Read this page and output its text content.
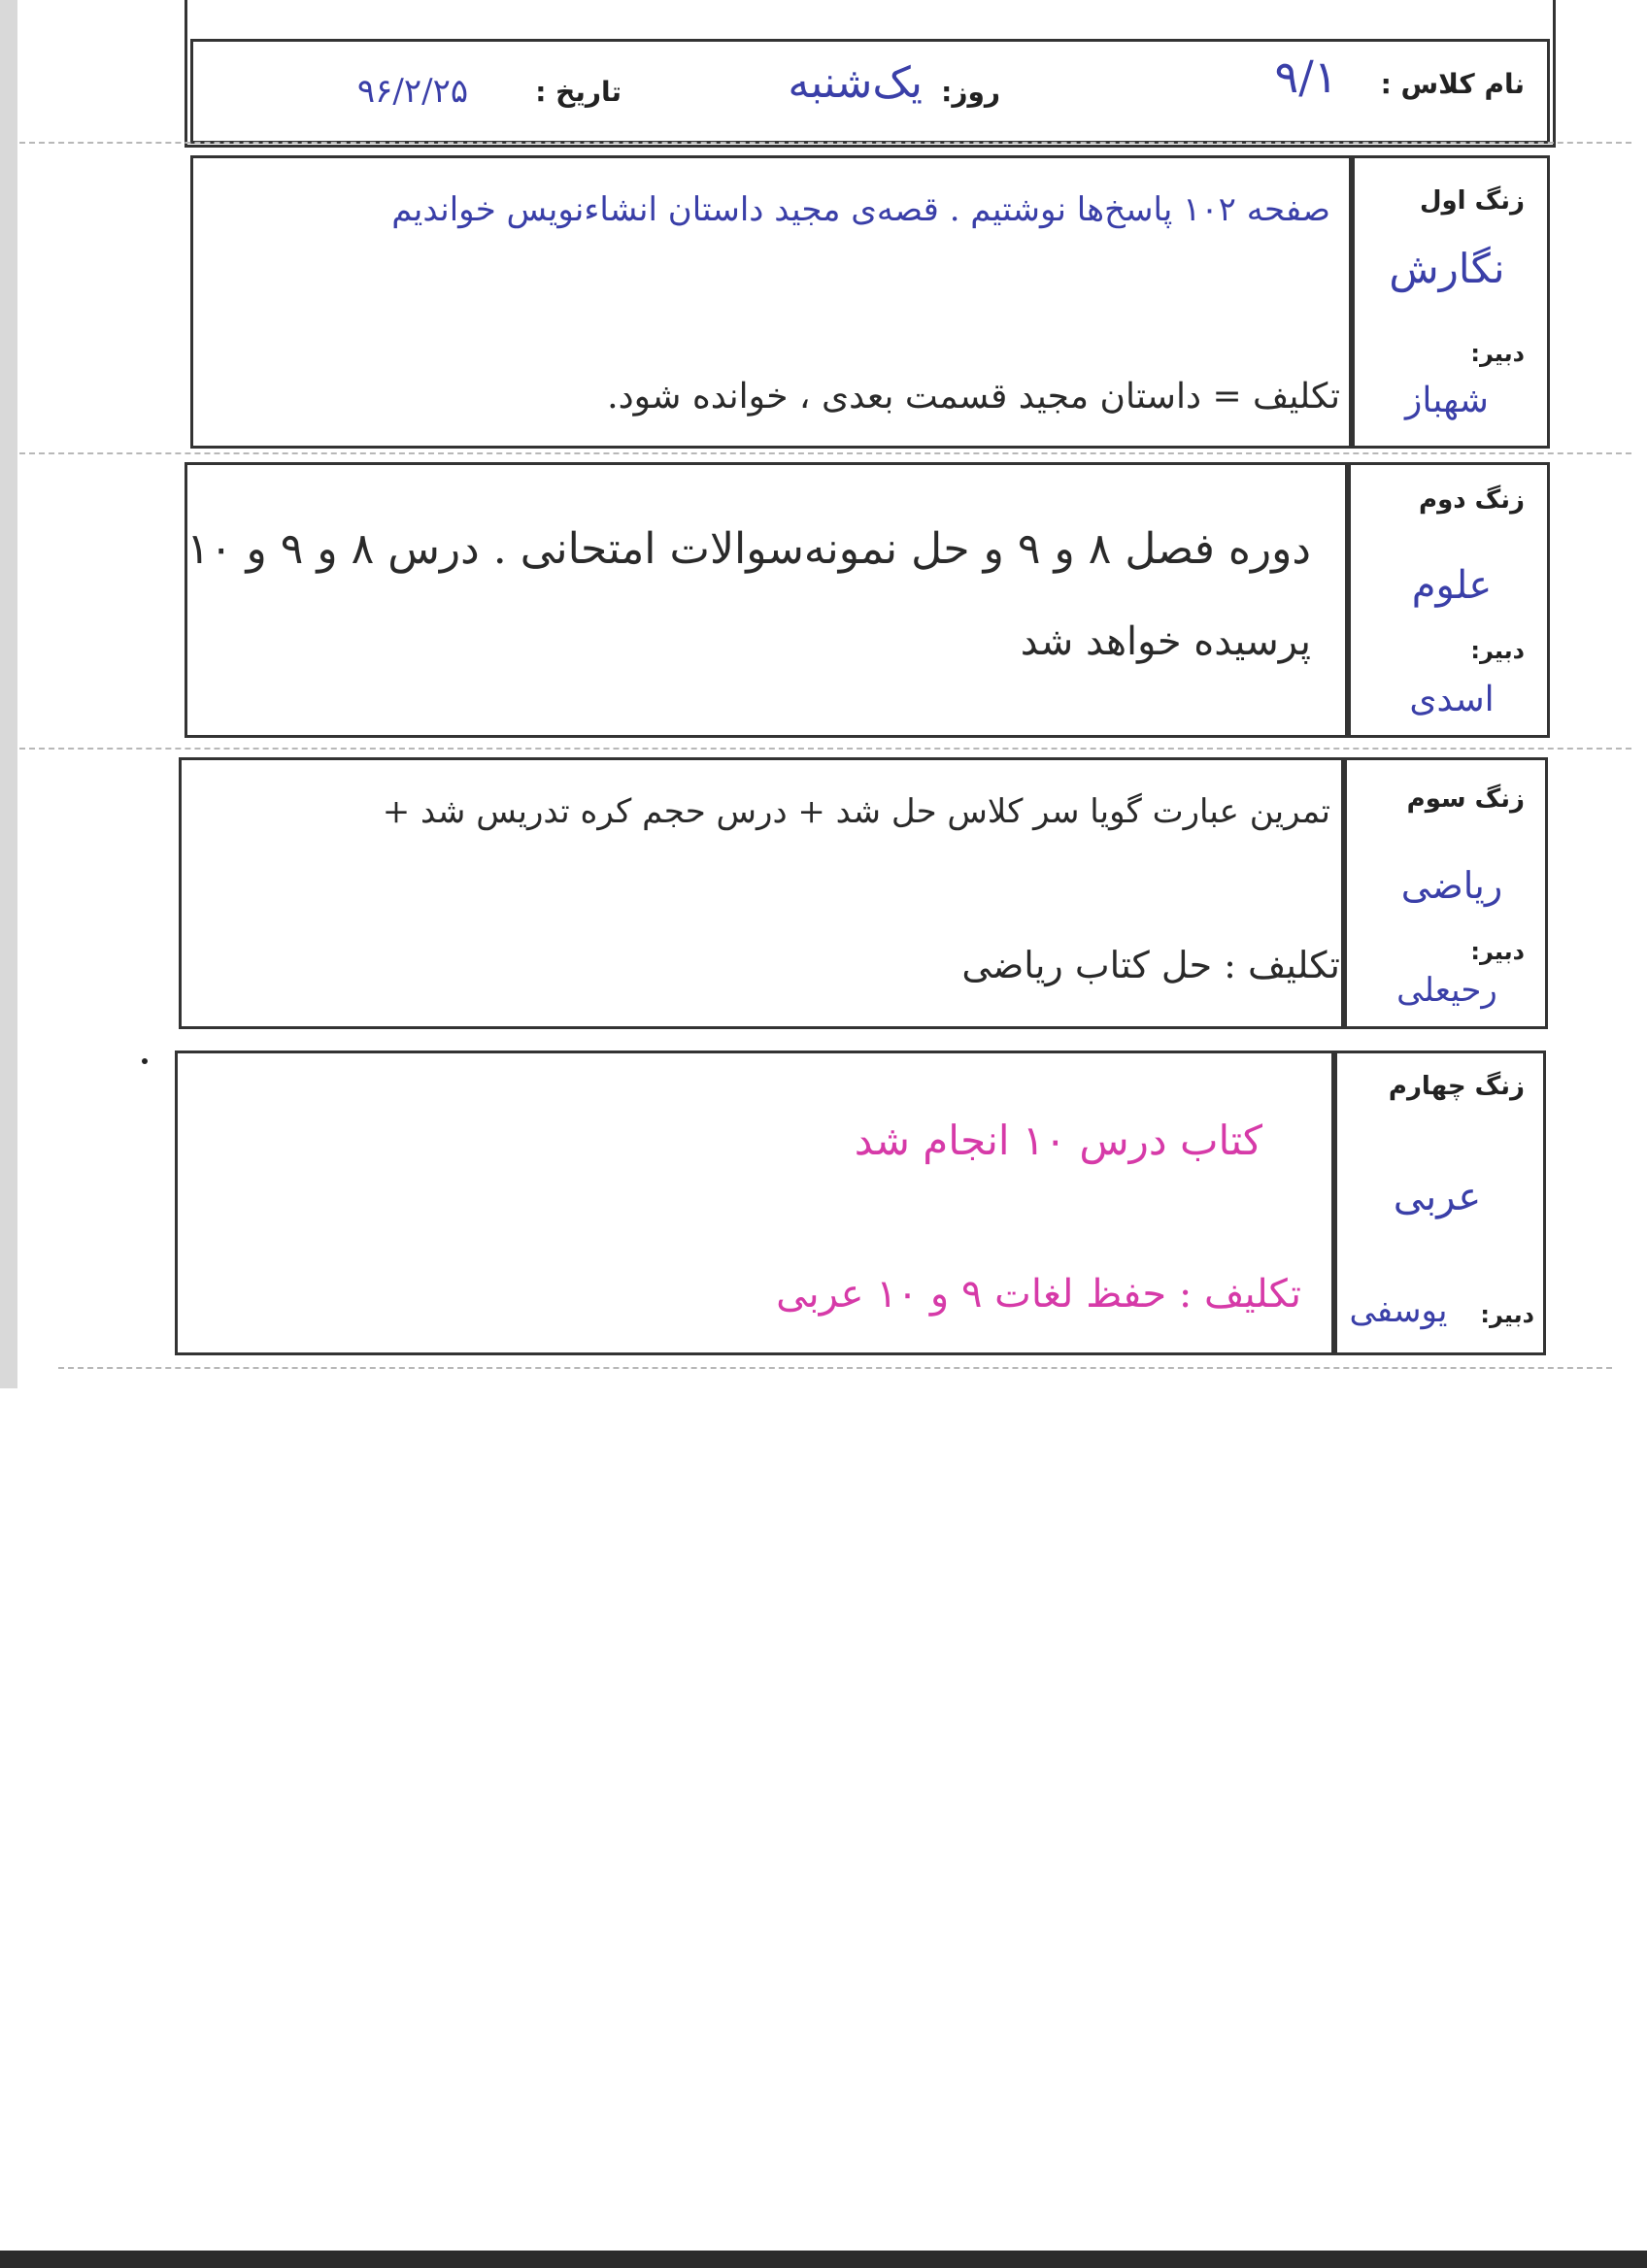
نام کلاس :
۹/۱
روز:
یک‌شنبه
تاریخ :
۹۶/۲/۲۵
زنگ اول
نگارش
دبیر:
شهباز
صفحه ۱۰۲ پاسخ‌ها نوشتیم . قصه‌ی مجید داستان انشاءنویس خواندیم
تکلیف = داستان مجید قسمت بعدی ، خوانده شود.
زنگ دوم
علوم
دبیر:
اسدی
دوره فصل ۸ و ۹ و حل نمونه‌سوالات امتحانی . درس ۸ و ۹ و ۱۰
پرسیده خواهد شد
زنگ سوم
ریاضی
دبیر:
رحیعلی
تمرین عبارت گویا سر کلاس حل شد + درس حجم کره تدریس شد +
تکلیف : حل کتاب ریاضی
زنگ چهارم
عربی
دبیر:
یوسفی
کتاب درس ۱۰ انجام شد
تکلیف : حفظ لغات ۹ و ۱۰ عربی
